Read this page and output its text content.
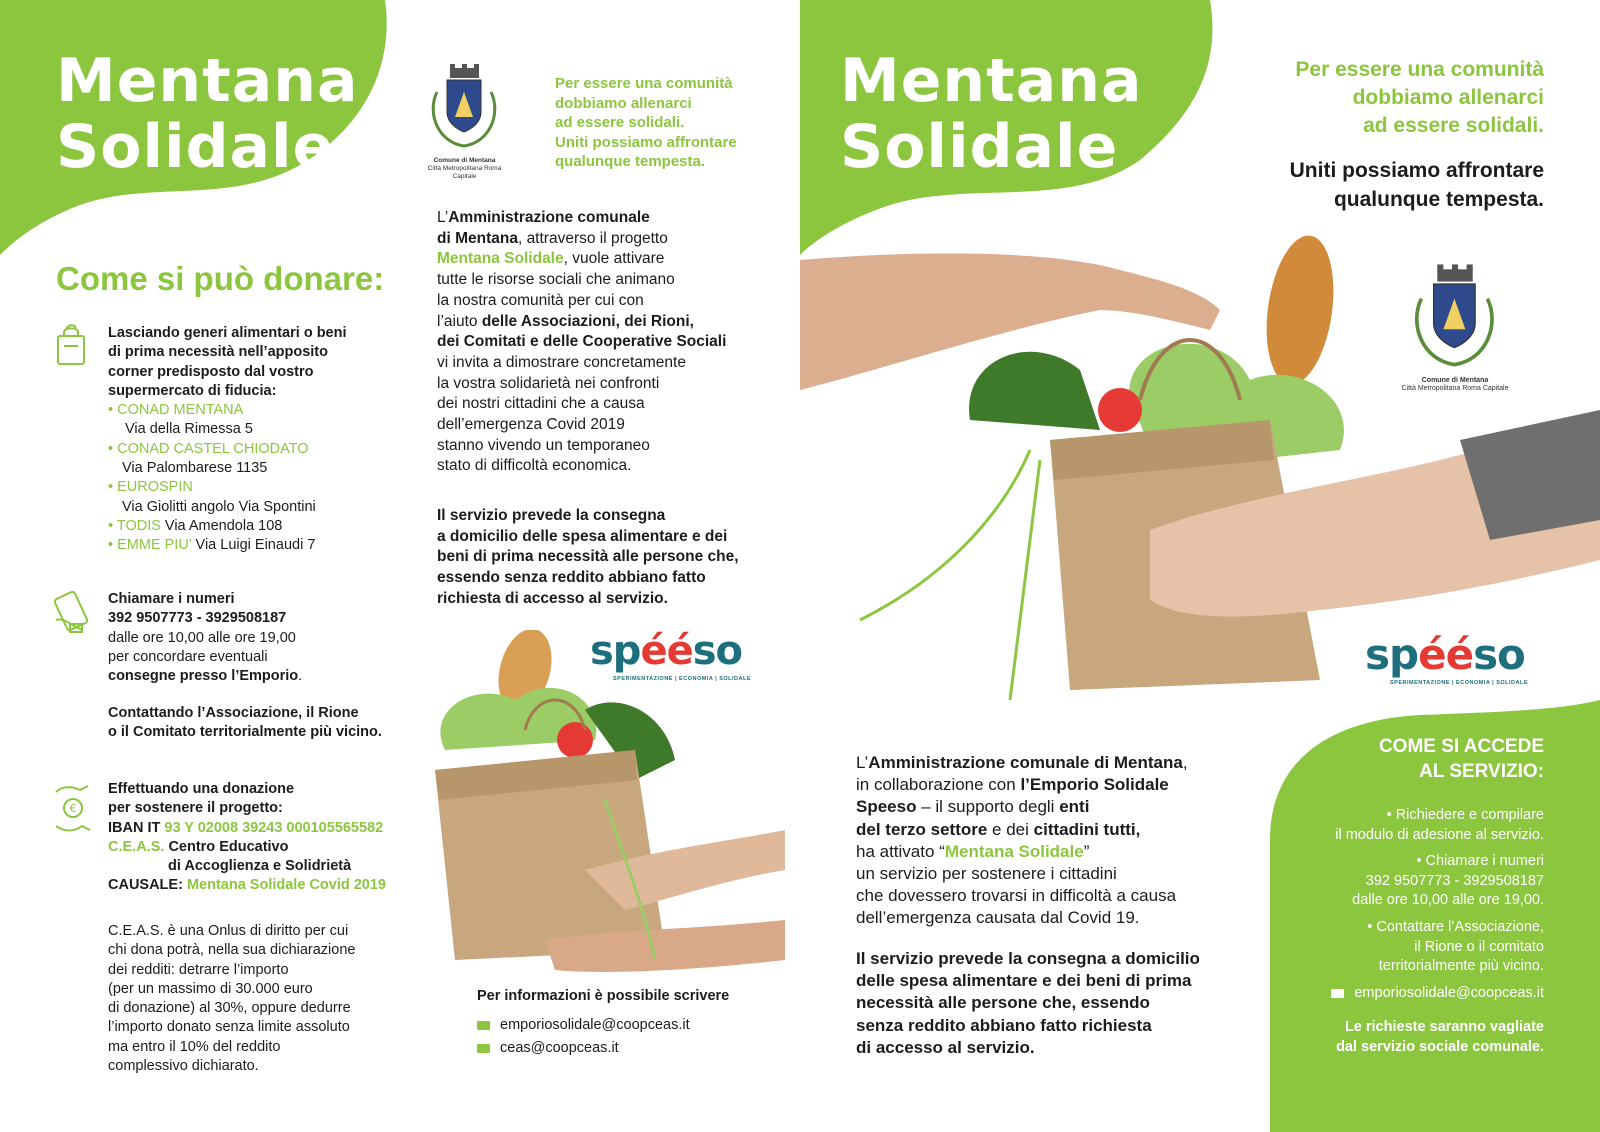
Mentana
Solidale
Come si può donare:
Lasciando generi alimentari o beni
di prima necessità nell’apposito
corner predisposto dal vostro
supermercato di fiducia:
• CONAD MENTANA
Via della Rimessa 5
• CONAD CASTEL CHIODATO
Via Palombarese 1135
• EUROSPIN
Via Giolitti angolo Via Spontini
• TODIS Via Amendola 108
• EMME PIU’ Via Luigi Einaudi 7
Chiamare i numeri
392 9507773 - 3929508187
dalle ore 10,00 alle ore 19,00
per concordare eventuali
consegne presso l’Emporio.
Contattando l’Associazione, il Rione
o il Comitato territorialmente più vicino.
€
Effettuando una donazione
per sostenere il progetto:
IBAN IT 93 Y 02008 39243 000105565582
C.E.A.S. Centro Educativo
di Accoglienza e Solidrietà
CAUSALE: Mentana Solidale Covid 2019
C.E.A.S. è una Onlus di diritto per cui
chi dona potrà, nella sua dichiarazione
dei redditi: detrarre l’importo
(per un massimo di 30.000 euro
di donazione) al 30%, oppure dedurre
l’importo donato senza limite assoluto
ma entro il 10% del reddito
complessivo dichiarato.
Comune di Mentana
Città Metropolitana Roma Capitale
Per essere una comunità
dobbiamo allenarci
ad essere solidali.
Uniti possiamo affrontare
qualunque tempesta.
L’Amministrazione comunale
di Mentana, attraverso il progetto
Mentana Solidale, vuole attivare
tutte le risorse sociali che animano
la nostra comunità per cui con
l’aiuto delle Associazioni, dei Rioni,
dei Comitati e delle Cooperative Sociali
vi invita a dimostrare concretamente
la vostra solidarietà nei confronti
dei nostri cittadini che a causa
dell’emergenza Covid 2019
stanno vivendo un temporaneo
stato di difficoltà economica.
Il servizio prevede la consegna
a domicilio delle spesa alimentare e dei
beni di prima necessità alle persone che,
essendo senza reddito abbiano fatto
richiesta di accesso al servizio.
spééso
SPERIMENTAZIONE | ECONOMIA | SOLIDALE
Per informazioni è possibile scrivere
emporiosolidale@coopceas.it
ceas@coopceas.it
Mentana
Solidale
L’Amministrazione comunale di Mentana,
in collaborazione con l’Emporio Solidale
Speeso – il supporto degli enti
del terzo settore e dei cittadini tutti,
ha attivato “Mentana Solidale”
un servizio per sostenere i cittadini
che dovessero trovarsi in difficoltà a causa
dell’emergenza causata dal Covid 19.
Il servizio prevede la consegna a domicilio
delle spesa alimentare e dei beni di prima
necessità alle persone che, essendo
senza reddito abbiano fatto richiesta
di accesso al servizio.
Per essere una comunità
dobbiamo allenarci
ad essere solidali.
Uniti possiamo affrontare
qualunque tempesta.
Comune di Mentana
Città Metropolitana Roma Capitale
spééso
SPERIMENTAZIONE | ECONOMIA | SOLIDALE
COME SI ACCEDE
AL SERVIZIO:
• Richiedere e compilare
il modulo di adesione al servizio.
• Chiamare i numeri
392 9507773 - 3929508187
dalle ore 10,00 alle ore 19,00.
• Contattare l’Associazione,
il Rione o il comitato
territorialmente più vicino.
emporiosolidale@coopceas.it
Le richieste saranno vagliate
dal servizio sociale comunale.
